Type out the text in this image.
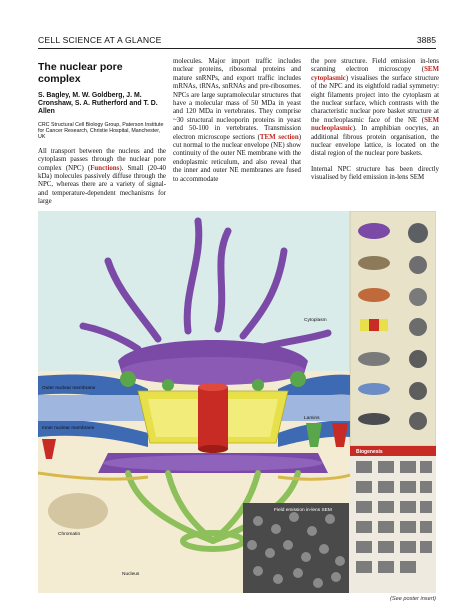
CELL SCIENCE AT A GLANCE	3885
The nuclear pore complex
S. Bagley, M. W. Goldberg, J. M. Cronshaw, S. A. Rutherford and T. D. Allen
CRC Structural Cell Biology Group, Paterson Institute for Cancer Research, Christie Hospital, Manchester, UK
All transport between the nucleus and the cytoplasm passes through the nuclear pore complex (NPC) (Functions). Small (20-40 kDa) molecules passively diffuse through the NPC, whereas there are a variety of signal- and temperature-dependent mechanisms for large
molecules. Major import traffic includes nuclear proteins, ribosomal proteins and mature snRNPs, and export traffic includes mRNAs, tRNAs, snRNAs and pre-ribosomes. NPCs are large supramolecular structures that have a molecular mass of 50 MDa in yeast and 120 MDa in vertebrates. They comprise ~30 structural nucleoporin proteins in yeast and 50-100 in vertebrates. Transmission electron microscope sections (TEM section) cut normal to the nuclear envelope (NE) show continuity of the outer NE membrane with the endoplasmic reticulum, and also reveal that the inner and outer NE membranes are fused to accommodate
the pore structure. Field emission in-lens scanning electron microscopy (SEM cytoplasmic) visualises the surface structure of the NPC and its eightfold radial symmetry: eight filaments project into the cytoplasm at the nuclear surface, which contrasts with the characteristic nuclear pore basket structure at the nucleoplasmic face of the NE (SEM nucleoplasmic). In amphibian oocytes, an additional fibrous protein organisation, the nuclear envelope lattice, is located on the distal region of the nuclear pore baskets.
Internal NPC structure has been directly visualised by field emission in-lens SEM
Biogenesis
Field emission in-lens SEM
Cytoplasm
Outer nuclear membrane
Inner nuclear membrane
Lamins
Chromatin
Nucleus
(See poster insert)
